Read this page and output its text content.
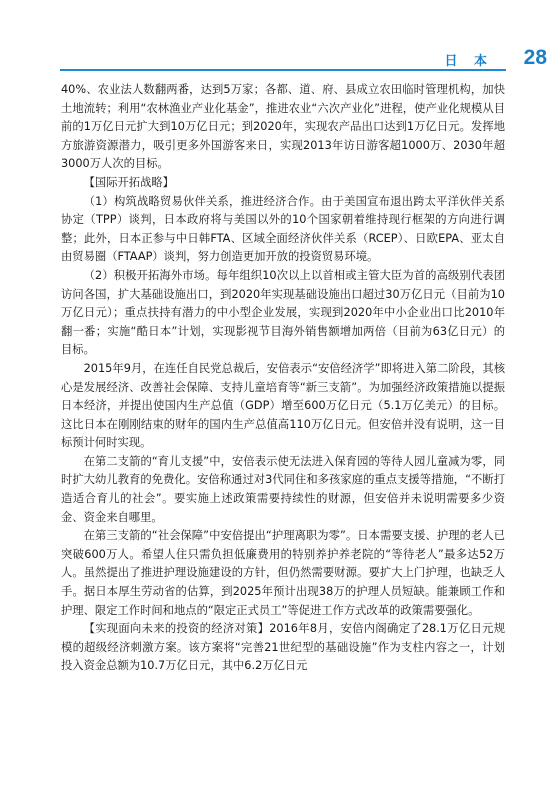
日 本 28

40%、农业法人数翻两番，达到5万家；各都、道、府、县成立农田临时管理机构，加快土地流转；利用“农林渔业产业化基金”，推进农业“六次产业化”进程，使产业化规模从目前的1万亿日元扩大到10万亿日元；到2020年，实现农产品出口达到1万亿日元。发挥地方旅游资源潜力，吸引更多外国游客来日，实现2013年访日游客超1000万、2030年超3000万人次的目标。

【国际开拓战略】

（1）构筑战略贸易伙伴关系，推进经济合作。由于美国宣布退出跨太平洋伙伴关系协定（TPP）谈判，日本政府将与美国以外的10个国家朝着维持现行框架的方向进行调整；此外，日本正参与中日韩FTA、区域全面经济伙伴关系（RCEP）、日欧EPA、亚太自由贸易圈（FTAAP）谈判，努力创造更加开放的投资贸易环境。

（2）积极开拓海外市场。每年组织10次以上以首相或主管大臣为首的高级别代表团访问各国，扩大基础设施出口，到2020年实现基础设施出口超过30万亿日元（目前为10万亿日元）；重点扶持有潜力的中小型企业发展，实现到2020年中小企业出口比2010年翻一番；实施“酷日本”计划，实现影视节目海外销售额增加两倍（目前为63亿日元）的目标。

2015年9月，在连任自民党总裁后，安倍表示“安倍经济学”即将进入第二阶段，其核心是发展经济、改善社会保障、支持儿童培育等“新三支箭”。为加强经济政策措施以提振日本经济，并提出使国内生产总值（GDP）增至600万亿日元（5.1万亿美元）的目标。这比日本在刚刚结束的财年的国内生产总值高110万亿日元。但安倍并没有说明，这一目标预计何时实现。

在第二支箭的“育儿支援”中，安倍表示使无法进入保育园的等待人园儿童减为零，同时扩大幼儿教育的免费化。安倍称通过对3代同住和多孩家庭的重点支援等措施，“不断打造适合育儿的社会”。要实施上述政策需要持续性的财源，但安倍并未说明需要多少资金、资金来自哪里。

在第三支箭的“社会保障”中安倍提出“护理离职为零”。日本需要支援、护理的老人已突破600万人。希望人住只需负担低廉费用的特别养护养老院的“等待老人”最多达52万人。虽然提出了推进护理设施建设的方针，但仍然需要财源。要扩大上门护理，也缺乏人手。据日本厚生劳动省的估算，到2025年预计出现38万的护理人员短缺。能兼顾工作和护理、限定工作时间和地点的“限定正式员工”等促进工作方式改革的政策需要强化。

【实现面向未来的投资的经济对策】2016年8月，安倍内阁确定了28.1万亿日元规模的超级经济刺激方案。该方案将“完善21世纪型的基础设施”作为支柱内容之一，计划投入资金总额为10.7万亿日元，其中6.2万亿日元
